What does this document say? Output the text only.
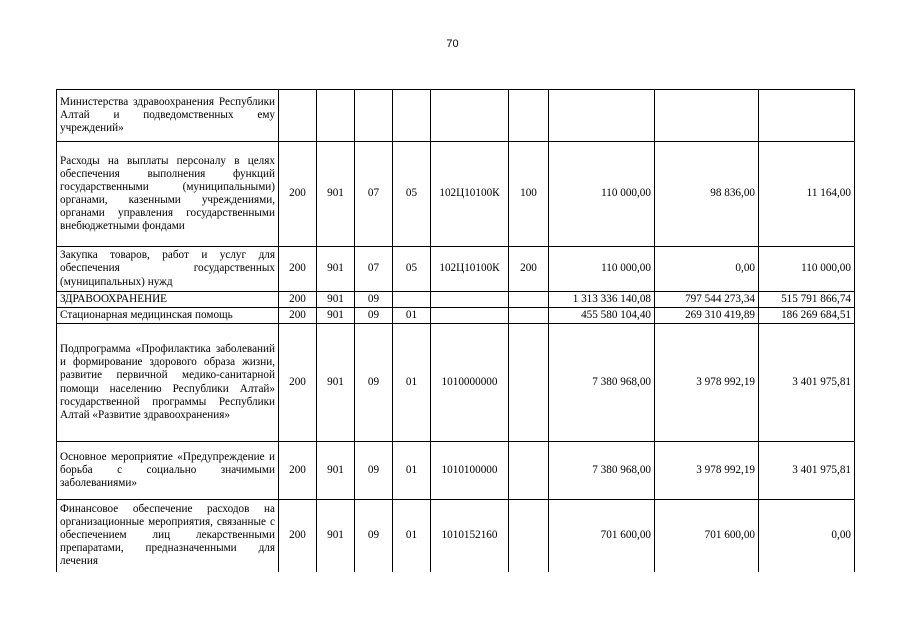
70
Министерства здравоохранения Республики Алтай и подведомственных ему учреждений»									
Расходы на выплаты персоналу в целях обеспечения выполнения функций государственными (муниципальными) органами, казенными учреждениями, органами управления государственными внебюджетными фондами	200	901	07	05	102Ц10100К	100	110 000,00	98 836,00	11 164,00
Закупка товаров, работ и услуг для обеспечения государственных (муниципальных) нужд	200	901	07	05	102Ц10100К	200	110 000,00	0,00	110 000,00
ЗДРАВООХРАНЕНИЕ	200	901	09				1 313 336 140,08	797 544 273,34	515 791 866,74
Стационарная медицинская помощь	200	901	09	01			455 580 104,40	269 310 419,89	186 269 684,51
Подпрограмма «Профилактика заболеваний и формирование здорового образа жизни, развитие первичной медико-санитарной помощи населению Республики Алтай» государственной программы Республики Алтай «Развитие здравоохранения»	200	901	09	01	1010000000		7 380 968,00	3 978 992,19	3 401 975,81
Основное мероприятие «Предупреждение и борьба с социально значимыми заболеваниями»	200	901	09	01	1010100000		7 380 968,00	3 978 992,19	3 401 975,81
Финансовое обеспечение расходов на организационные мероприятия, связанные с обеспечением лиц лекарственными препаратами, предназначенными для лечения	200	901	09	01	1010152160		701 600,00	701 600,00	0,00
